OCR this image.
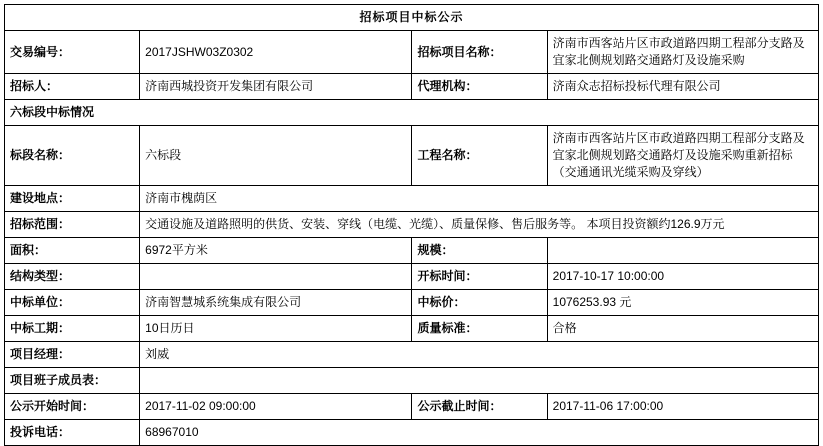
招标项目中标公示			
交易编号：	2017JSHW03Z0302	招标项目名称：	济南市西客站片区市政道路四期工程部分支路及宜家北侧规划路交通路灯及设施采购
招标人：	济南西城投资开发集团有限公司	代理机构：	济南众志招标投标代理有限公司
六标段中标情况			
标段名称：	六标段	工程名称：	济南市西客站片区市政道路四期工程部分支路及宜家北侧规划路交通路灯及设施采购重新招标（交通通讯光缆采购及穿线）
建设地点：	济南市槐荫区		
招标范围：	交通设施及道路照明的供货、安装、穿线（电缆、光缆）、质量保修、售后服务等。 本项目投资额约126.9万元		
面积：	6972平方米	规模：	
结构类型：		开标时间：	2017-10-17 10:00:00
中标单位：	济南智慧城系统集成有限公司	中标价：	1076253.93 元
中标工期：	10日历日	质量标准：	合格
项目经理：	刘威		
项目班子成员表：			
公示开始时间：	2017-11-02 09:00:00	公示截止时间：	2017-11-06 17:00:00
投诉电话：	68967010		
